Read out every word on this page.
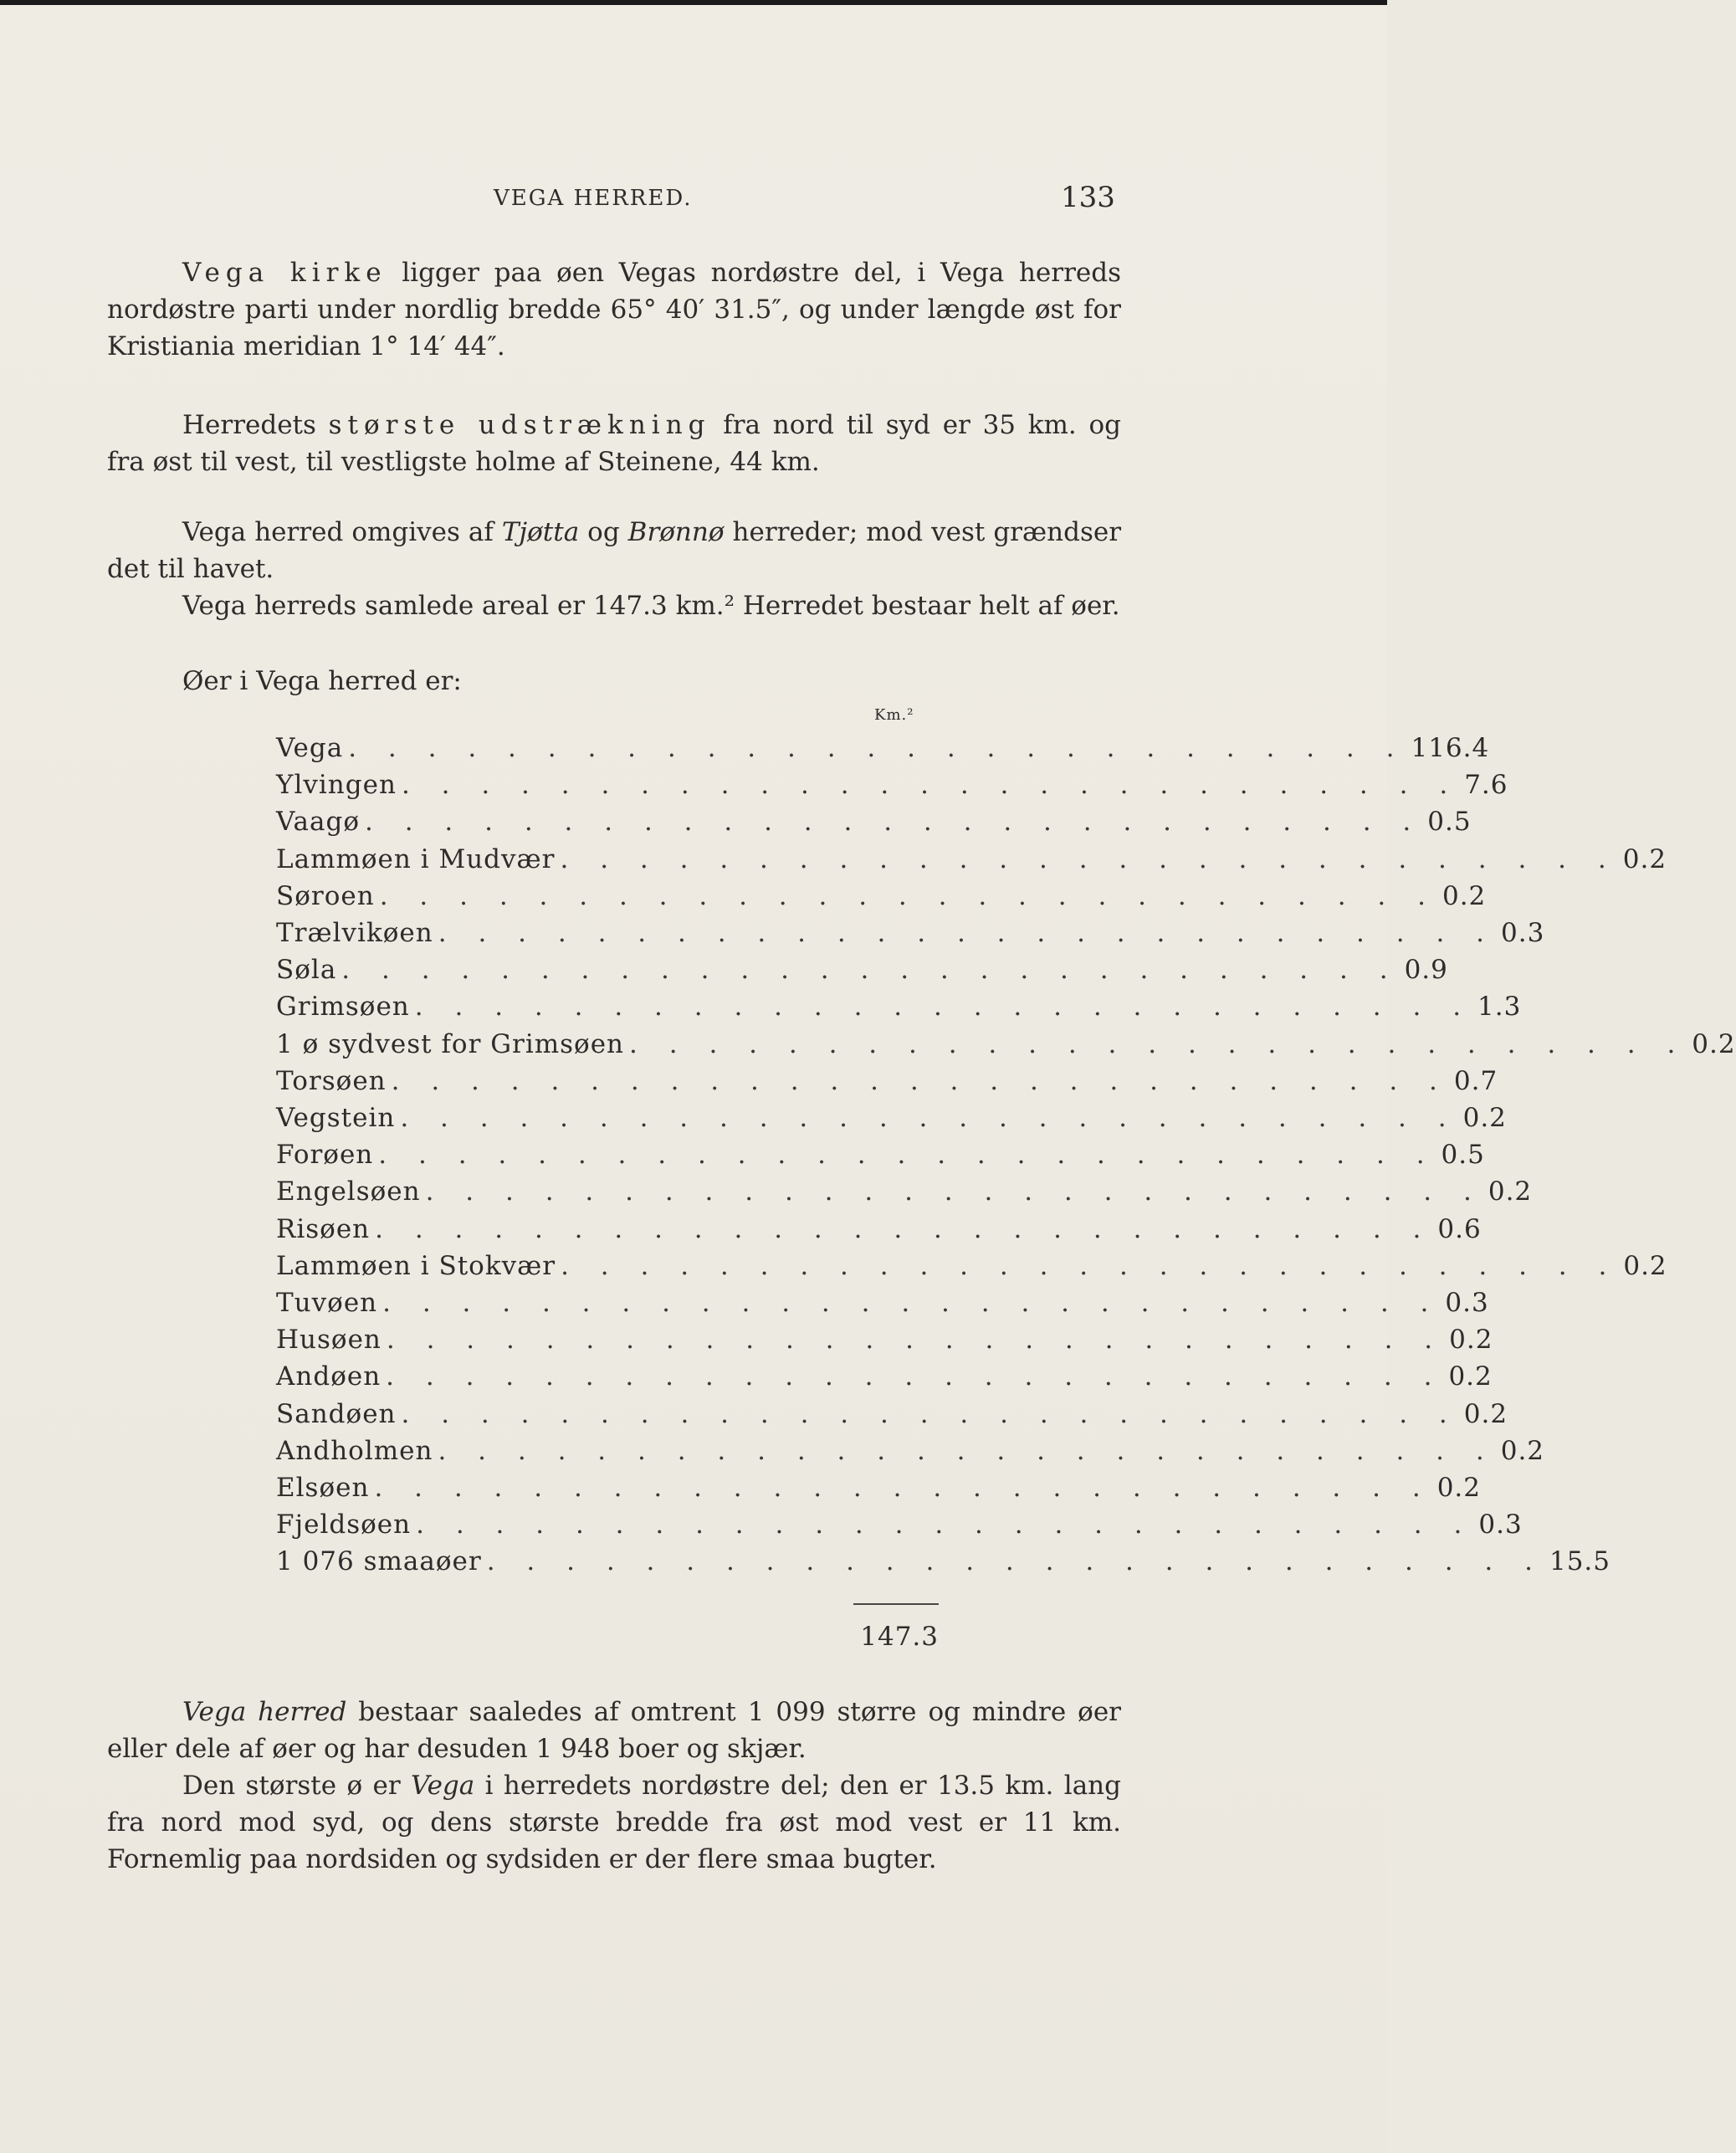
VEGA HERRED.	133

Vega kirke ligger paa øen Vegas nordøstre del, i Vega herreds nordøstre parti under nordlig bredde 65° 40′ 31.5″, og under længde øst for Kristiania meridian 1° 14′ 44″.

Herredets største udstrækning fra nord til syd er 35 km. og fra øst til vest, til vestligste holme af Steinene, 44 km.

Vega herred omgives af Tjøtta og Brønnø herreder; mod vest grændser det til havet.

Vega herreds samlede areal er 147.3 km.² Herredet bestaar helt af øer.

Øer i Vega herred er:
Km.²
147.3
Vega . . . . . . . . . . . . . . . . . . . . . . . . . . . 116.4
Ylvingen . . . . . . . . . . . . . . . . . . . . . . . . . . . 7.6
Vaagø . . . . . . . . . . . . . . . . . . . . . . . . . . . 0.5
Lammøen i Mudvær . . . . . . . . . . . . . . . . . . . . . . . . . . . 0.2
Søroen . . . . . . . . . . . . . . . . . . . . . . . . . . . 0.2
Trælvikøen . . . . . . . . . . . . . . . . . . . . . . . . . . . 0.3
Søla . . . . . . . . . . . . . . . . . . . . . . . . . . . 0.9
Grimsøen . . . . . . . . . . . . . . . . . . . . . . . . . . . 1.3
1 ø sydvest for Grimsøen . . . . . . . . . . . . . . . . . . . . . . . . . . . 0.2
Torsøen . . . . . . . . . . . . . . . . . . . . . . . . . . . 0.7
Vegstein . . . . . . . . . . . . . . . . . . . . . . . . . . . 0.2
Forøen . . . . . . . . . . . . . . . . . . . . . . . . . . . 0.5
Engelsøen . . . . . . . . . . . . . . . . . . . . . . . . . . . 0.2
Risøen . . . . . . . . . . . . . . . . . . . . . . . . . . . 0.6
Lammøen i Stokvær . . . . . . . . . . . . . . . . . . . . . . . . . . . 0.2
Tuvøen . . . . . . . . . . . . . . . . . . . . . . . . . . . 0.3
Husøen . . . . . . . . . . . . . . . . . . . . . . . . . . . 0.2
Andøen . . . . . . . . . . . . . . . . . . . . . . . . . . . 0.2
Sandøen . . . . . . . . . . . . . . . . . . . . . . . . . . . 0.2
Andholmen . . . . . . . . . . . . . . . . . . . . . . . . . . . 0.2
Elsøen . . . . . . . . . . . . . . . . . . . . . . . . . . . 0.2
Fjeldsøen . . . . . . . . . . . . . . . . . . . . . . . . . . . 0.3
1 076 smaaøer . . . . . . . . . . . . . . . . . . . . . . . . . . . 15.5

Vega herred bestaar saaledes af omtrent 1 099 større og mindre øer eller dele af øer og har desuden 1 948 boer og skjær.

Den største ø er Vega i herredets nordøstre del; den er 13.5 km. lang fra nord mod syd, og dens største bredde fra øst mod vest er 11 km. Fornemlig paa nordsiden og sydsiden er der flere smaa bugter.
